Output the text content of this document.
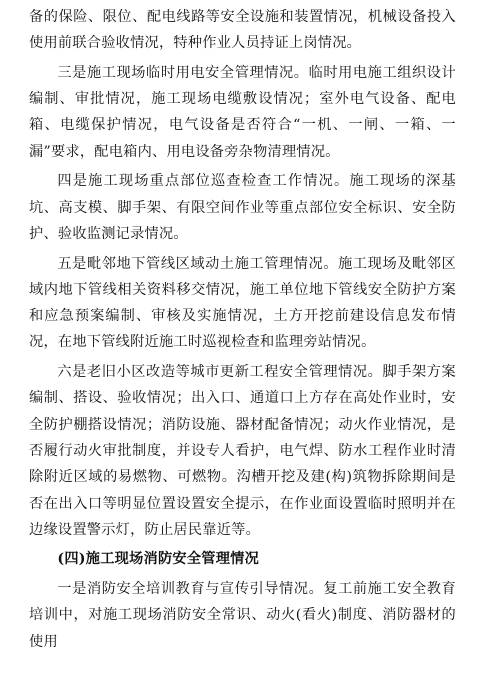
备的保险、限位、配电线路等安全设施和装置情况，机械设备投入使用前联合验收情况，特种作业人员持证上岗情况。

三是施工现场临时用电安全管理情况。临时用电施工组织设计编制、审批情况，施工现场电缆敷设情况；室外电气设备、配电箱、电缆保护情况，电气设备是否符合“一机、一闸、一箱、一漏”要求，配电箱内、用电设备旁杂物清理情况。

四是施工现场重点部位巡查检查工作情况。施工现场的深基坑、高支模、脚手架、有限空间作业等重点部位安全标识、安全防护、验收监测记录情况。

五是毗邻地下管线区域动土施工管理情况。施工现场及毗邻区域内地下管线相关资料移交情况，施工单位地下管线安全防护方案和应急预案编制、审核及实施情况，土方开挖前建设信息发布情况，在地下管线附近施工时巡视检查和监理旁站情况。

六是老旧小区改造等城市更新工程安全管理情况。脚手架方案编制、搭设、验收情况；出入口、通道口上方存在高处作业时，安全防护棚搭设情况；消防设施、器材配备情况；动火作业情况，是否履行动火审批制度，并设专人看护，电气焊、防水工程作业时清除附近区域的易燃物、可燃物。沟槽开挖及建(构)筑物拆除期间是否在出入口等明显位置设置安全提示，在作业面设置临时照明并在边缘设置警示灯，防止居民靠近等。

(四)施工现场消防安全管理情况

一是消防安全培训教育与宣传引导情况。复工前施工安全教育培训中，对施工现场消防安全常识、动火(看火)制度、消防器材的使用
